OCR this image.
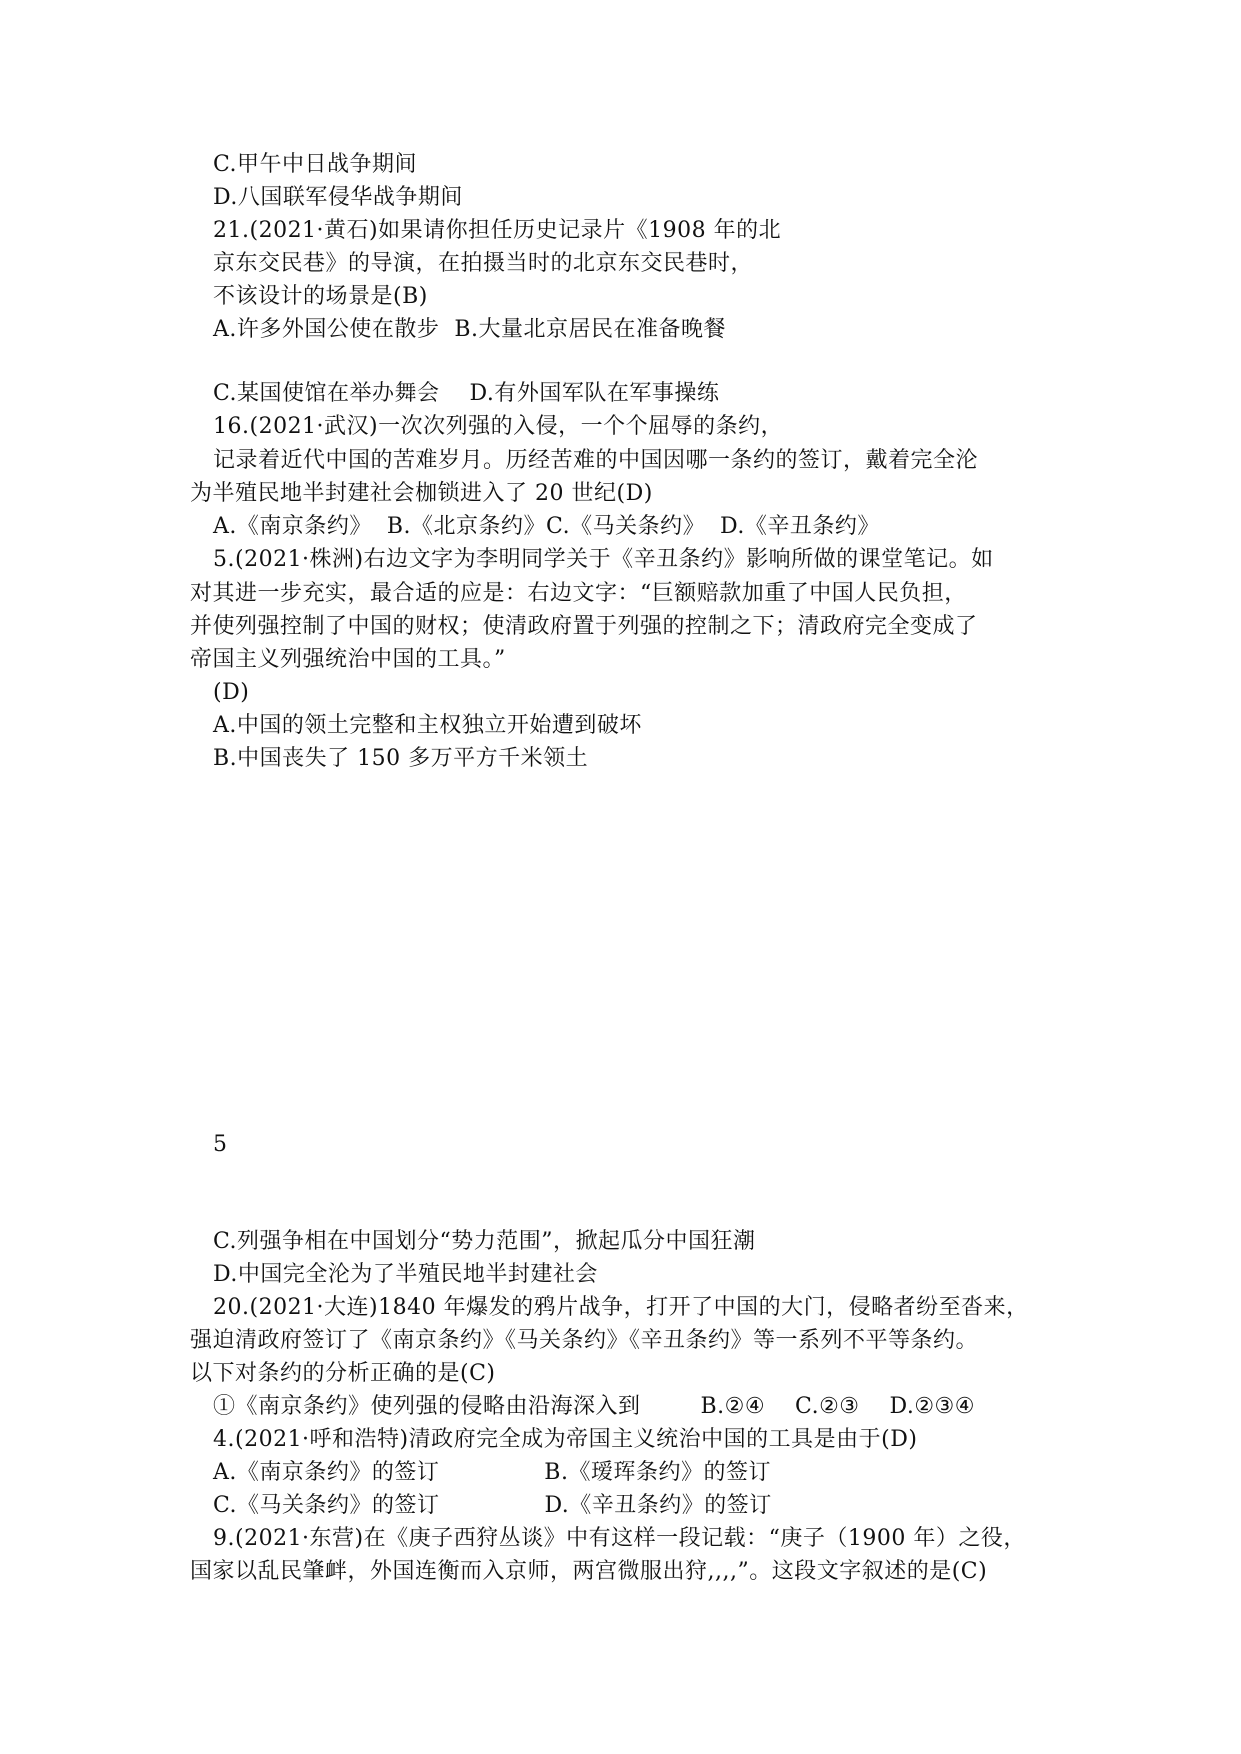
C.甲午中日战争期间
D.八国联军侵华战争期间
21.(2021·黄石)如果请你担任历史记录片《1908 年的北
京东交民巷》的导演，在拍摄当时的北京东交民巷时，
不该设计的场景是(B)
A.许多外国公使在散步  B.大量北京居民在准备晚餐
C.某国使馆在举办舞会    D.有外国军队在军事操练
16.(2021·武汉)一次次列强的入侵，一个个屈辱的条约，
记录着近代中国的苦难岁月。历经苦难的中国因哪一条约的签订，戴着完全沦
为半殖民地半封建社会枷锁进入了 20 世纪(D)
A.《南京条约》  B.《北京条约》C.《马关条约》  D.《辛丑条约》
5.(2021·株洲)右边文字为李明同学关于《辛丑条约》影响所做的课堂笔记。如
对其进一步充实，最合适的应是：右边文字：“巨额赔款加重了中国人民负担，
并使列强控制了中国的财权；使清政府置于列强的控制之下；清政府完全变成了
帝国主义列强统治中国的工具。”
(D)
A.中国的领土完整和主权独立开始遭到破坏
B.中国丧失了 150 多万平方千米领土
5
C.列强争相在中国划分“势力范围”，掀起瓜分中国狂潮
D.中国完全沦为了半殖民地半封建社会
20.(2021·大连)1840 年爆发的鸦片战争，打开了中国的大门，侵略者纷至沓来，
强迫清政府签订了《南京条约》《马关条约》《辛丑条约》等一系列不平等条约。
以下对条约的分析正确的是(C)
①《南京条约》使列强的侵略由沿海深入到        B.②④    C.②③    D.②③④
4.(2021·呼和浩特)清政府完全成为帝国主义统治中国的工具是由于(D)
A.《南京条约》的签订              B.《瑷珲条约》的签订
C.《马关条约》的签订              D.《辛丑条约》的签订
9.(2021·东营)在《庚子西狩丛谈》中有这样一段记载：“庚子（1900 年）之役，
国家以乱民肇衅，外国连衡而入京师，两宫微服出狩,,,,”。这段文字叙述的是(C)
